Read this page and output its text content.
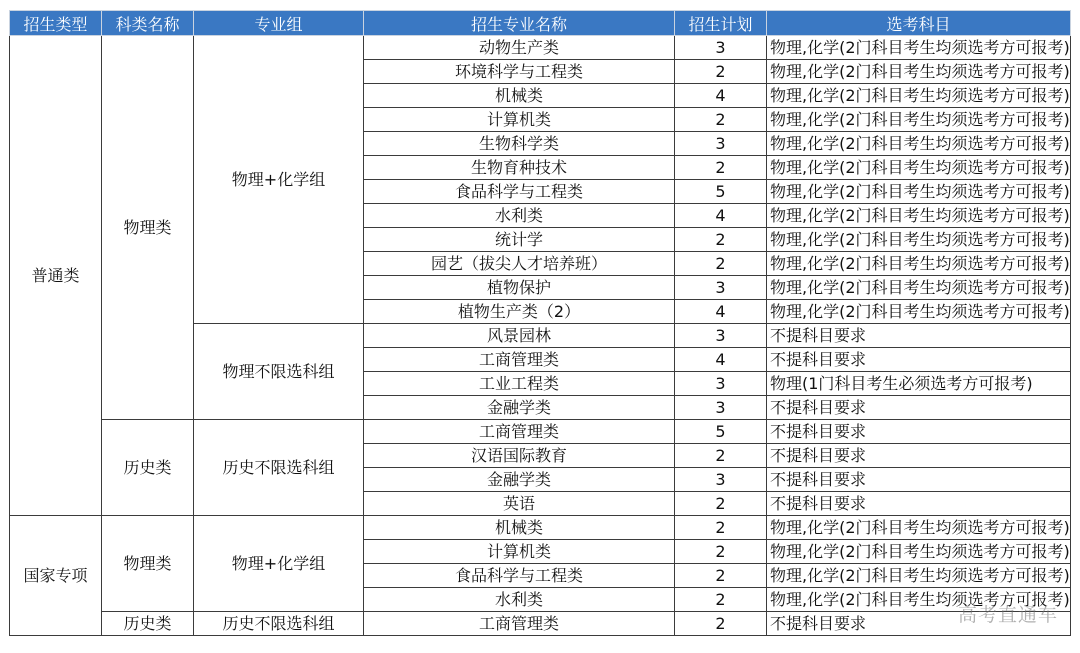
招生类型	科类名称	专业组	招生专业名称	招生计划	选考科目
普通类	物理类	物理+化学组	动物生产类	3	物理,化学(2门科目考生均须选考方可报考)
			环境科学与工程类	2	物理,化学(2门科目考生均须选考方可报考)
			机械类	4	物理,化学(2门科目考生均须选考方可报考)
			计算机类	2	物理,化学(2门科目考生均须选考方可报考)
			生物科学类	3	物理,化学(2门科目考生均须选考方可报考)
			生物育种技术	2	物理,化学(2门科目考生均须选考方可报考)
			食品科学与工程类	5	物理,化学(2门科目考生均须选考方可报考)
			水利类	4	物理,化学(2门科目考生均须选考方可报考)
			统计学	2	物理,化学(2门科目考生均须选考方可报考)
			园艺（拔尖人才培养班）	2	物理,化学(2门科目考生均须选考方可报考)
			植物保护	3	物理,化学(2门科目考生均须选考方可报考)
			植物生产类（2）	4	物理,化学(2门科目考生均须选考方可报考)
		物理不限选科组	风景园林	3	不提科目要求
			工商管理类	4	不提科目要求
			工业工程类	3	物理(1门科目考生必须选考方可报考)
			金融学类	3	不提科目要求
	历史类	历史不限选科组	工商管理类	5	不提科目要求
			汉语国际教育	2	不提科目要求
			金融学类	3	不提科目要求
			英语	2	不提科目要求
国家专项	物理类	物理+化学组	机械类	2	物理,化学(2门科目考生均须选考方可报考)
			计算机类	2	物理,化学(2门科目考生均须选考方可报考)
			食品科学与工程类	2	物理,化学(2门科目考生均须选考方可报考)
			水利类	2	物理,化学(2门科目考生均须选考方可报考)
	历史类	历史不限选科组	工商管理类	2	不提科目要求	高考直通车
